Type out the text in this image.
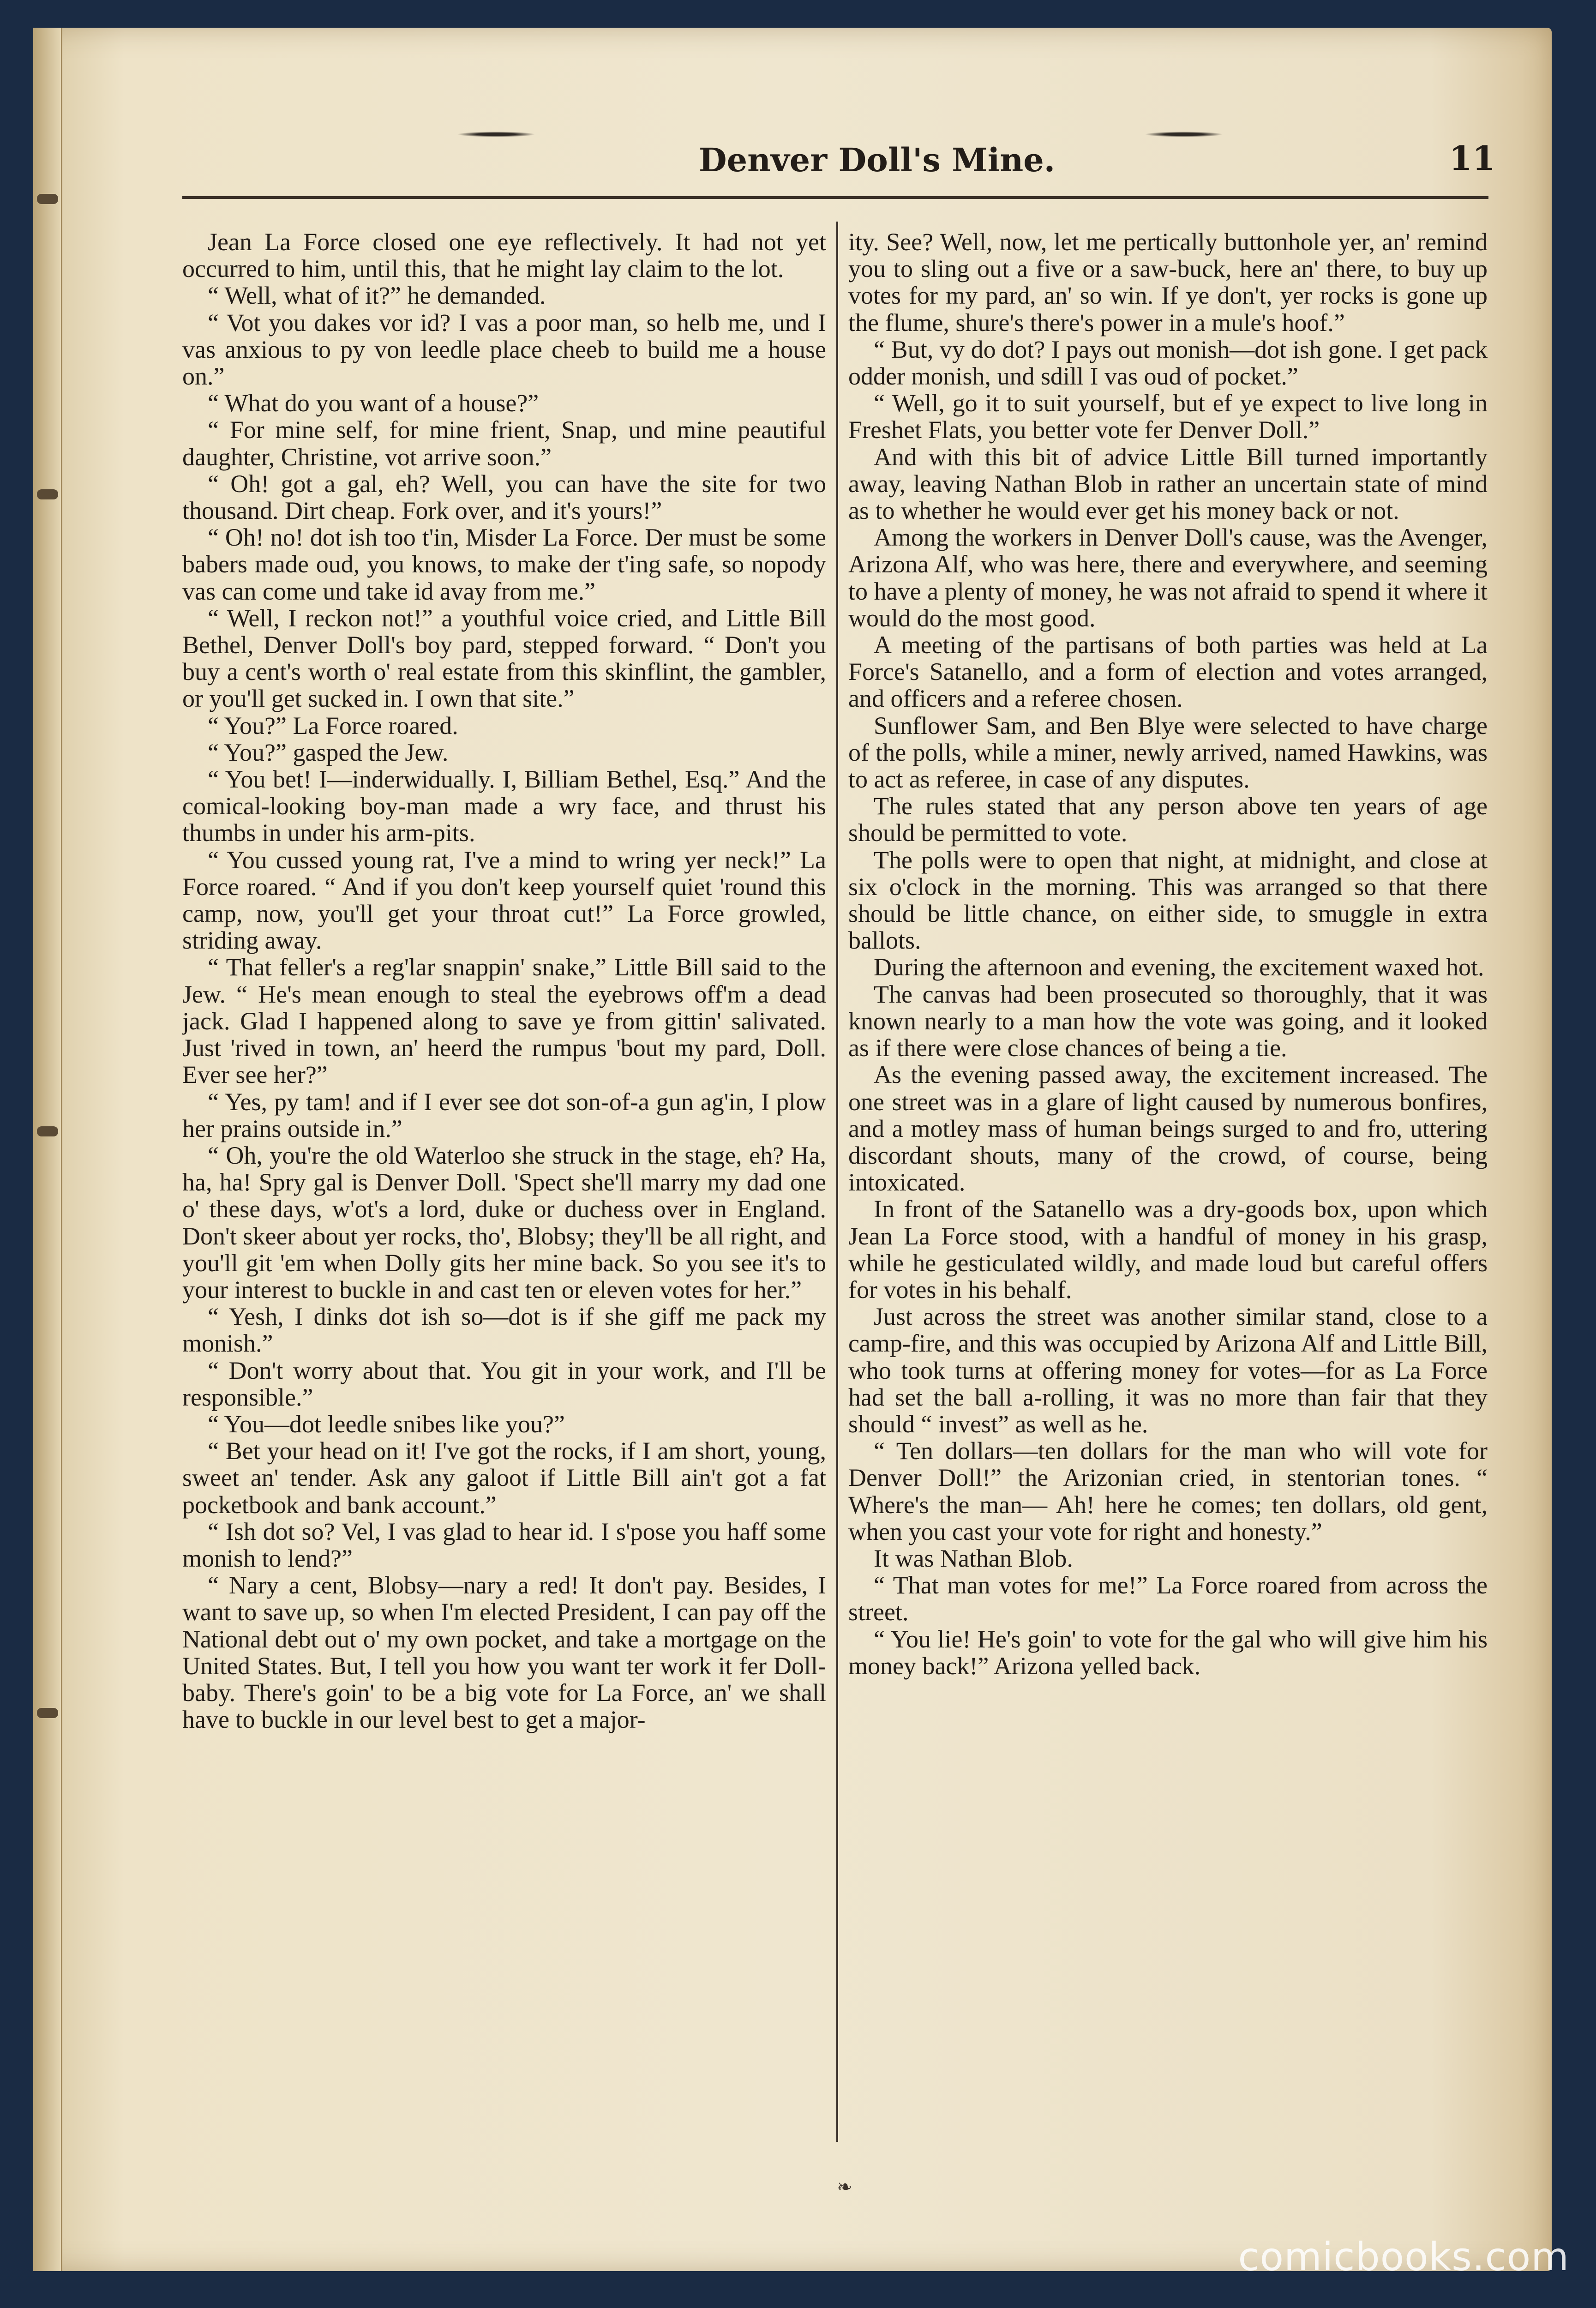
Denver Doll's Mine.	11

Jean La Force closed one eye reflectively. It had not yet occurred to him, until this, that he might lay claim to the lot.

“ Well, what of it?” he demanded.

“ Vot you dakes vor id? I vas a poor man, so helb me, und I vas anxious to py von leedle place cheeb to build me a house on.”

“ What do you want of a house?”

“ For mine self, for mine frient, Snap, und mine peautiful daughter, Christine, vot arrive soon.”

“ Oh! got a gal, eh? Well, you can have the site for two thousand. Dirt cheap. Fork over, and it's yours!”

“ Oh! no! dot ish too t'in, Misder La Force. Der must be some babers made oud, you knows, to make der t'ing safe, so nopody vas can come und take id avay from me.”

“ Well, I reckon not!” a youthful voice cried, and Little Bill Bethel, Denver Doll's boy pard, stepped forward. “ Don't you buy a cent's worth o' real estate from this skinflint, the gambler, or you'll get sucked in. I own that site.”

“ You?” La Force roared.

“ You?” gasped the Jew.

“ You bet! I—inderwidually. I, Billiam Bethel, Esq.” And the comical-looking boy-man made a wry face, and thrust his thumbs in under his arm-pits.

“ You cussed young rat, I've a mind to wring yer neck!” La Force roared. “ And if you don't keep yourself quiet 'round this camp, now, you'll get your throat cut!” La Force growled, striding away.

“ That feller's a reg'lar snappin' snake,” Little Bill said to the Jew. “ He's mean enough to steal the eyebrows off'm a dead jack. Glad I happened along to save ye from gittin' salivated. Just 'rived in town, an' heerd the rumpus 'bout my pard, Doll. Ever see her?”

“ Yes, py tam! and if I ever see dot son-of-a gun ag'in, I plow her prains outside in.”

“ Oh, you're the old Waterloo she struck in the stage, eh? Ha, ha, ha! Spry gal is Denver Doll. 'Spect she'll marry my dad one o' these days, w'ot's a lord, duke or duchess over in England. Don't skeer about yer rocks, tho', Blobsy; they'll be all right, and you'll git 'em when Dolly gits her mine back. So you see it's to your interest to buckle in and cast ten or eleven votes for her.”

“ Yesh, I dinks dot ish so—dot is if she giff me pack my monish.”

“ Don't worry about that. You git in your work, and I'll be responsible.”

“ You—dot leedle snibes like you?”

“ Bet your head on it! I've got the rocks, if I am short, young, sweet an' tender. Ask any galoot if Little Bill ain't got a fat pocketbook and bank account.”

“ Ish dot so? Vel, I vas glad to hear id. I s'pose you haff some monish to lend?”

“ Nary a cent, Blobsy—nary a red! It don't pay. Besides, I want to save up, so when I'm elected President, I can pay off the National debt out o' my own pocket, and take a mortgage on the United States. But, I tell you how you want ter work it fer Doll-baby. There's goin' to be a big vote for La Force, an' we shall have to buckle in our level best to get a major-

ity. See? Well, now, let me pertically buttonhole yer, an' remind you to sling out a five or a saw-buck, here an' there, to buy up votes for my pard, an' so win. If ye don't, yer rocks is gone up the flume, shure's there's power in a mule's hoof.”

“ But, vy do dot? I pays out monish—dot ish gone. I get pack odder monish, und sdill I vas oud of pocket.”

“ Well, go it to suit yourself, but ef ye expect to live long in Freshet Flats, you better vote fer Denver Doll.”

And with this bit of advice Little Bill turned importantly away, leaving Nathan Blob in rather an uncertain state of mind as to whether he would ever get his money back or not.

Among the workers in Denver Doll's cause, was the Avenger, Arizona Alf, who was here, there and everywhere, and seeming to have a plenty of money, he was not afraid to spend it where it would do the most good.

A meeting of the partisans of both parties was held at La Force's Satanello, and a form of election and votes arranged, and officers and a referee chosen.

Sunflower Sam, and Ben Blye were selected to have charge of the polls, while a miner, newly arrived, named Hawkins, was to act as referee, in case of any disputes.

The rules stated that any person above ten years of age should be permitted to vote.

The polls were to open that night, at midnight, and close at six o'clock in the morning. This was arranged so that there should be little chance, on either side, to smuggle in extra ballots.

During the afternoon and evening, the excitement waxed hot.

The canvas had been prosecuted so thoroughly, that it was known nearly to a man how the vote was going, and it looked as if there were close chances of being a tie.

As the evening passed away, the excitement increased. The one street was in a glare of light caused by numerous bonfires, and a motley mass of human beings surged to and fro, uttering discordant shouts, many of the crowd, of course, being intoxicated.

In front of the Satanello was a dry-goods box, upon which Jean La Force stood, with a handful of money in his grasp, while he gesticulated wildly, and made loud but careful offers for votes in his behalf.

Just across the street was another similar stand, close to a camp-fire, and this was occupied by Arizona Alf and Little Bill, who took turns at offering money for votes—for as La Force had set the ball a-rolling, it was no more than fair that they should “ invest” as well as he.

“ Ten dollars—ten dollars for the man who will vote for Denver Doll!” the Arizonian cried, in stentorian tones. “ Where's the man— Ah! here he comes; ten dollars, old gent, when you cast your vote for right and honesty.”

It was Nathan Blob.

“ That man votes for me!” La Force roared from across the street.

“ You lie! He's goin' to vote for the gal who will give him his money back!” Arizona yelled back.

❧
comicbooks.com
